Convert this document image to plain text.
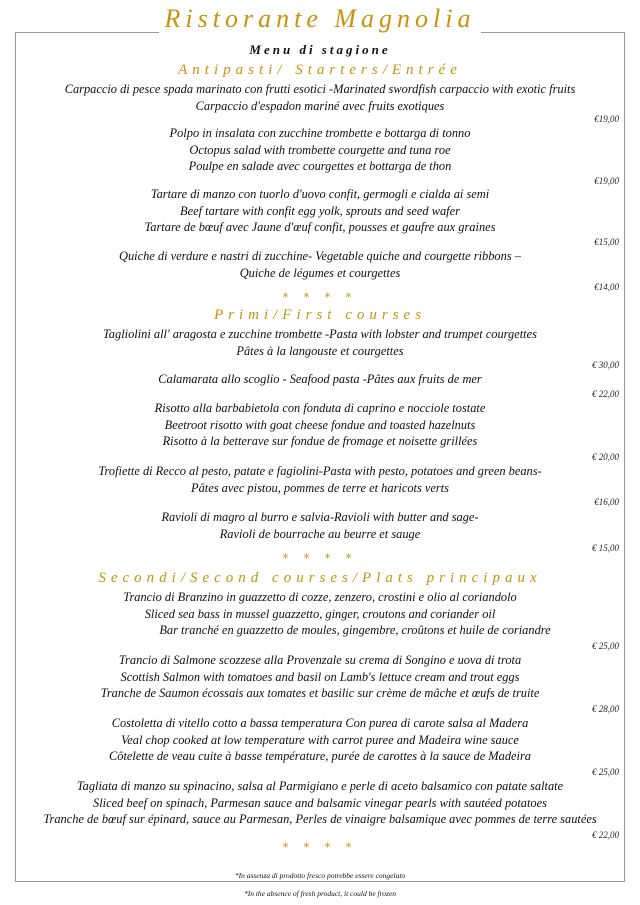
Ristorante Magnolia
Menu di stagione
Antipasti/ Starters/Entrée
Carpaccio di pesce spada marinato con frutti esotici -Marinated swordfish carpaccio with exotic fruits
Carpaccio d'espadon mariné avec fruits exotiques
€19,00
Polpo in insalata con zucchine trombette e bottarga di tonno
Octopus salad with trombette courgette and tuna roe
Poulpe en salade avec courgettes et bottarga de thon
€19,00
Tartare di manzo con tuorlo d'uovo confit, germogli e cialda ai semi
Beef tartare with confit egg yolk, sprouts and seed wafer
Tartare de bœuf avec Jaune d'œuf confit, pousses et gaufre aux graines
€15,00
Quiche di verdure e nastri di zucchine- Vegetable quiche and courgette ribbons –
Quiche de légumes et courgettes
€14,00
* * * *
Primi/First courses
Tagliolini all' aragosta e zucchine trombette -Pasta with lobster and trumpet courgettes
Pâtes à la langouste et courgettes
€ 30,00
Calamarata allo scoglio - Seafood pasta -Pâtes aux fruits de mer
€ 22,00
Risotto alla barbabietola con fonduta di caprino e nocciole tostate
Beetroot risotto with goat cheese fondue and toasted hazelnuts
Risotto à la betterave sur fondue de fromage et noisette grillées
€ 20,00
Trofiette di Recco al pesto, patate e fagiolini-Pasta with pesto, potatoes and green beans-
Pâtes avec pistou, pommes de terre et haricots verts
€16,00
Ravioli di magro al burro e salvia-Ravioli with butter and sage-
Ravioli de bourrache au beurre et sauge
€ 15,00
* * * *
Secondi/Second courses/Plats principaux
Trancio di Branzino in guazzetto di cozze, zenzero, crostini e olio al coriandolo
Sliced sea bass in mussel guazzetto, ginger, croutons and coriander oil
Bar tranché en guazzetto de moules, gingembre, croûtons et huile de coriandre
€ 25,00
Trancio di Salmone scozzese alla Provenzale su crema di Songino e uova di trota
Scottish Salmon with tomatoes and basil on Lamb's lettuce cream and trout eggs
Tranche de Saumon écossais aux tomates et basilic sur crème de mâche et œufs de truite
€ 28,00
Costoletta di vitello cotto a bassa temperatura Con purea di carote salsa al Madera
Veal chop cooked at low temperature with carrot puree and Madeira wine sauce
Côtelette de veau cuite à basse température, purée de carottes à la sauce de Madeira
€ 25,00
Tagliata di manzo su spinacino, salsa al Parmigiano e perle di aceto balsamico con patate saltate
Sliced beef on spinach, Parmesan sauce and balsamic vinegar pearls with sautéed potatoes
Tranche de bœuf sur épinard, sauce au Parmesan, Perles de vinaigre balsamique avec pommes de terre sautées
€ 22,00
* * * *
*In assenza di prodotto fresco potrebbe essere congelato
*In the absence of fresh product, it could be frozen
